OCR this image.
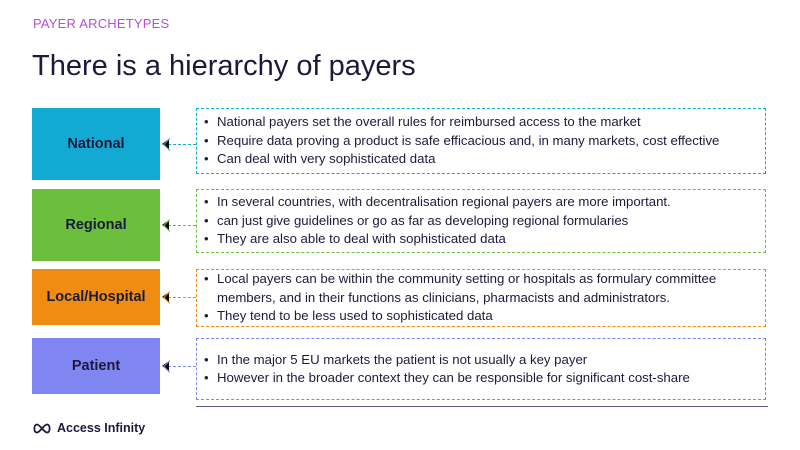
PAYER ARCHETYPES
There is a hierarchy of payers
National
• National payers set the overall rules for reimbursed access to the market
• Require data proving a product is safe efficacious and, in many markets, cost effective
• Can deal with very sophisticated data
Regional
• In several countries, with decentralisation regional payers are more important.
• can just give guidelines or go as far as developing regional formularies
• They are also able to deal with sophisticated data
Local/Hospital
• Local payers can be within the community setting or hospitals as formulary committee members, and in their functions as clinicians, pharmacists and administrators.
• They tend to be less used to sophisticated data
Patient
•	In the major 5 EU markets the patient is not usually a key payer
• However in the broader context they can be responsible for significant cost-share
Access Infinity
